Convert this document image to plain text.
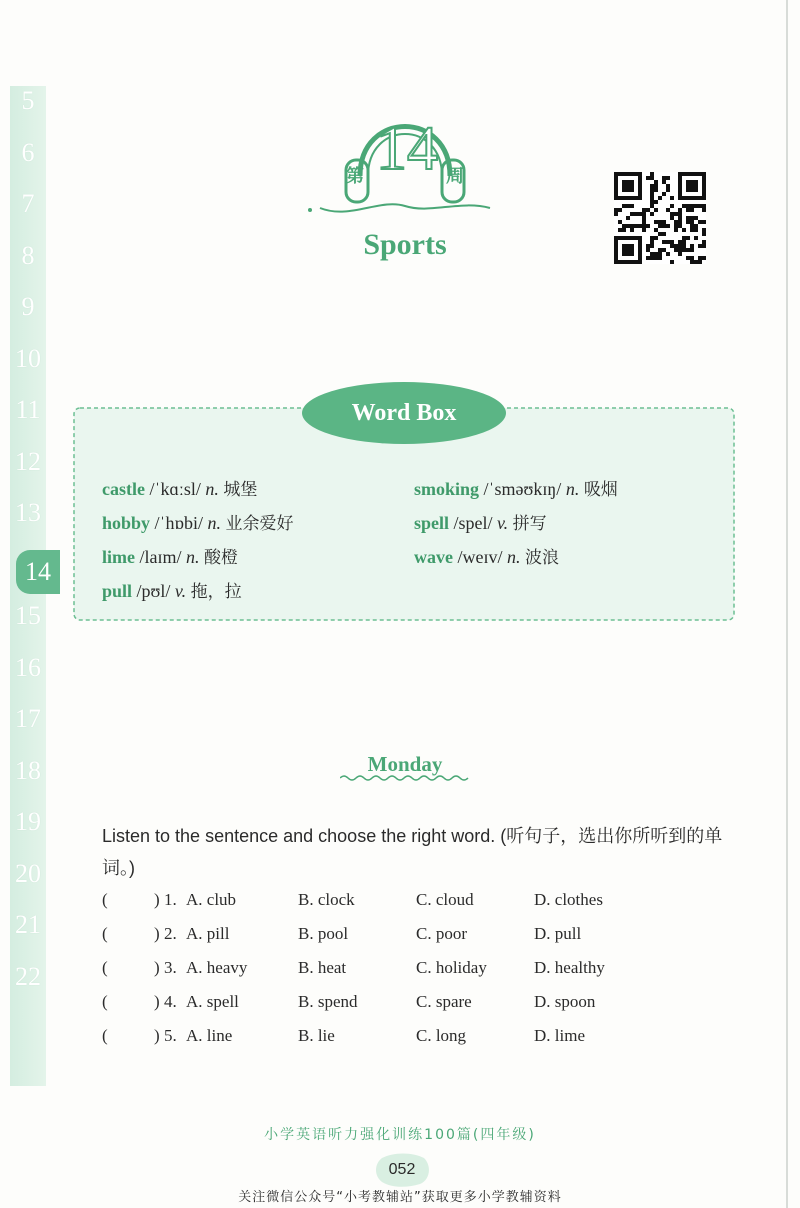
5
6
7
8
9
10
11
12
13
14
15
16
17
18
19
20
21
22
第 14 周
Sports
Word Box
castle /ˈkɑːsl/ n. 城堡	smoking /ˈsməʊkɪŋ/ n. 吸烟
hobby /ˈhɒbi/ n. 业余爱好	spell /spel/ v. 拼写
lime /laɪm/ n. 酸橙	wave /weɪv/ n. 波浪
pull /pʊl/ v. 拖，拉
Monday
Listen to the sentence and choose the right word. (听句子，选出你所听到的单词。)
(	) 1. A. club	B. clock	C. cloud	D. clothes
(	) 2. A. pill	B. pool	C. poor	D. pull
(	) 3. A. heavy	B. heat	C. holiday	D. healthy
(	) 4. A. spell	B. spend	C. spare	D. spoon
(	) 5. A. line	B. lie	C. long	D. lime
小学英语听力强化训练100篇(四年级)
052
关注微信公众号“小考教辅站”获取更多小学教辅资料
